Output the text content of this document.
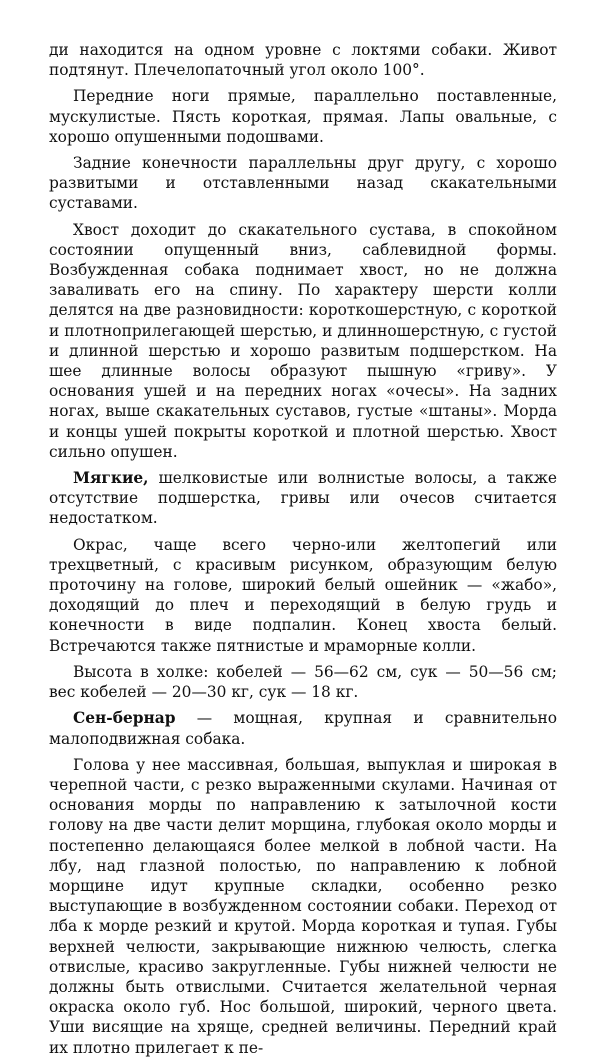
ди находится на одном уровне с локтями собаки. Живот подтянут. Плечелопаточный угол около 100°.

Передние ноги прямые, параллельно поставленные, мускулистые. Пясть короткая, прямая. Лапы овальные, с хорошо опушенными подошвами.

Задние конечности параллельны друг другу, с хорошо развитыми и отставленными назад скакательными суставами.

Хвост доходит до скакательного сустава, в спокойном состоянии опущенный вниз, саблевидной формы. Возбужденная собака поднимает хвост, но не должна заваливать его на спину. По характеру шерсти колли делятся на две разновидности: короткошерстную, с короткой и плотноприлегающей шерстью, и длинношерстную, с густой и длинной шерстью и хорошо развитым подшерстком. На шее длинные волосы образуют пышную «гриву». У основания ушей и на передних ногах «очесы». На задних ногах, выше скакательных суставов, густые «штаны». Морда и концы ушей покрыты короткой и плотной шерстью. Хвост сильно опушен.

Мягкие, шелковистые или волнистые волосы, а также отсутствие подшерстка, гривы или очесов считается недостатком.

Окрас, чаще всего черно-или желтопегий или трехцветный, с красивым рисунком, образующим белую проточину на голове, широкий белый ошейник — «жабо», доходящий до плеч и переходящий в белую грудь и конечности в виде подпалин. Конец хвоста белый. Встречаются также пятнистые и мраморные колли.

Высота в холке: кобелей — 56—62 см, сук — 50—56 см; вес кобелей — 20—30 кг, сук — 18 кг.

Сен-бернар — мощная, крупная и сравнительно малоподвижная собака.

Голова у нее массивная, большая, выпуклая и широкая в черепной части, с резко выраженными скулами. Начиная от основания морды по направлению к затылочной кости голову на две части делит морщина, глубокая около морды и постепенно делающаяся более мелкой в лобной части. На лбу, над глазной полостью, по направлению к лобной морщине идут крупные складки, особенно резко выступающие в возбужденном состоянии собаки. Переход от лба к морде резкий и крутой. Морда короткая и тупая. Губы верхней челюсти, закрывающие нижнюю челюсть, слегка отвислые, красиво закругленные. Губы нижней челюсти не должны быть отвислыми. Считается желательной черная окраска около губ. Нос большой, широкий, черного цвета. Уши висящие на хряще, средней величины. Передний край их плотно прилегает к пе-
